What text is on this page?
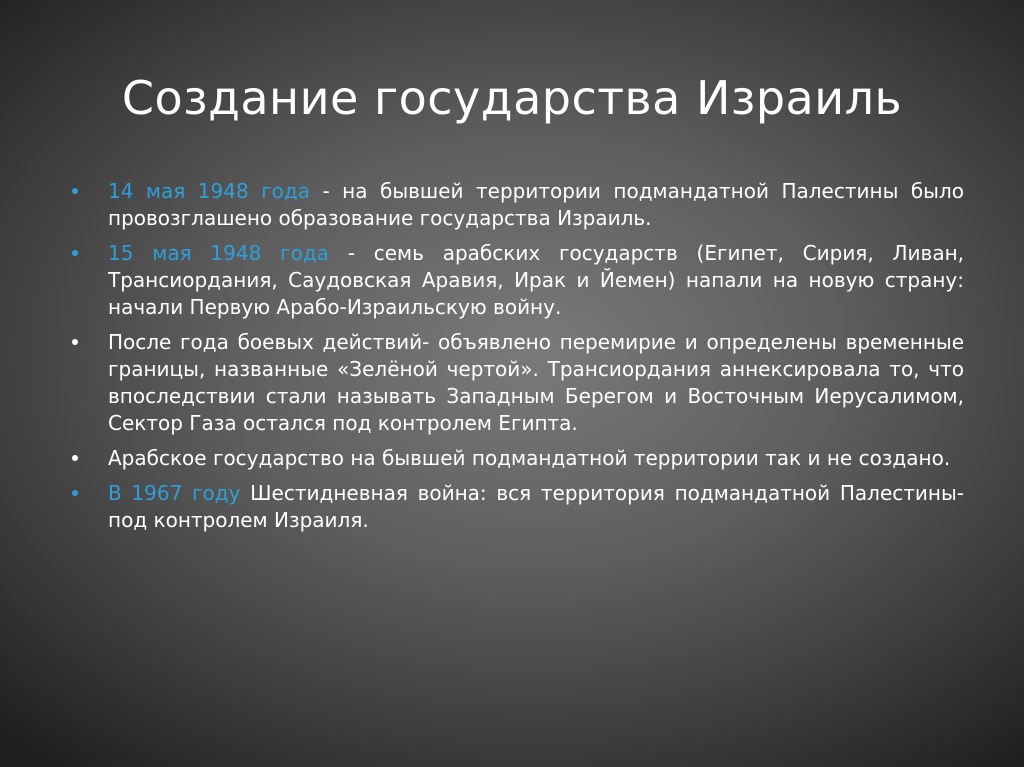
Создание государства Израиль
14 мая 1948 года - на бывшей территории подмандатной Палестины было провозглашено образование государства Израиль.
15 мая 1948 года - семь арабских государств (Египет, Сирия, Ливан, Трансиордания, Саудовская Аравия, Ирак и Йемен) напали на новую страну: начали Первую Арабо-Израильскую войну.
После года боевых действий- объявлено перемирие и определены временные границы, названные «Зелёной чертой». Трансиордания аннексировала то, что впоследствии стали называть Западным Берегом и Восточным Иерусалимом, Сектор Газа остался под контролем Египта.
Арабское государство на бывшей подмандатной территории так и не создано.
В 1967 году Шестидневная война: вся территория подмандатной Палестины- под контролем Израиля.
